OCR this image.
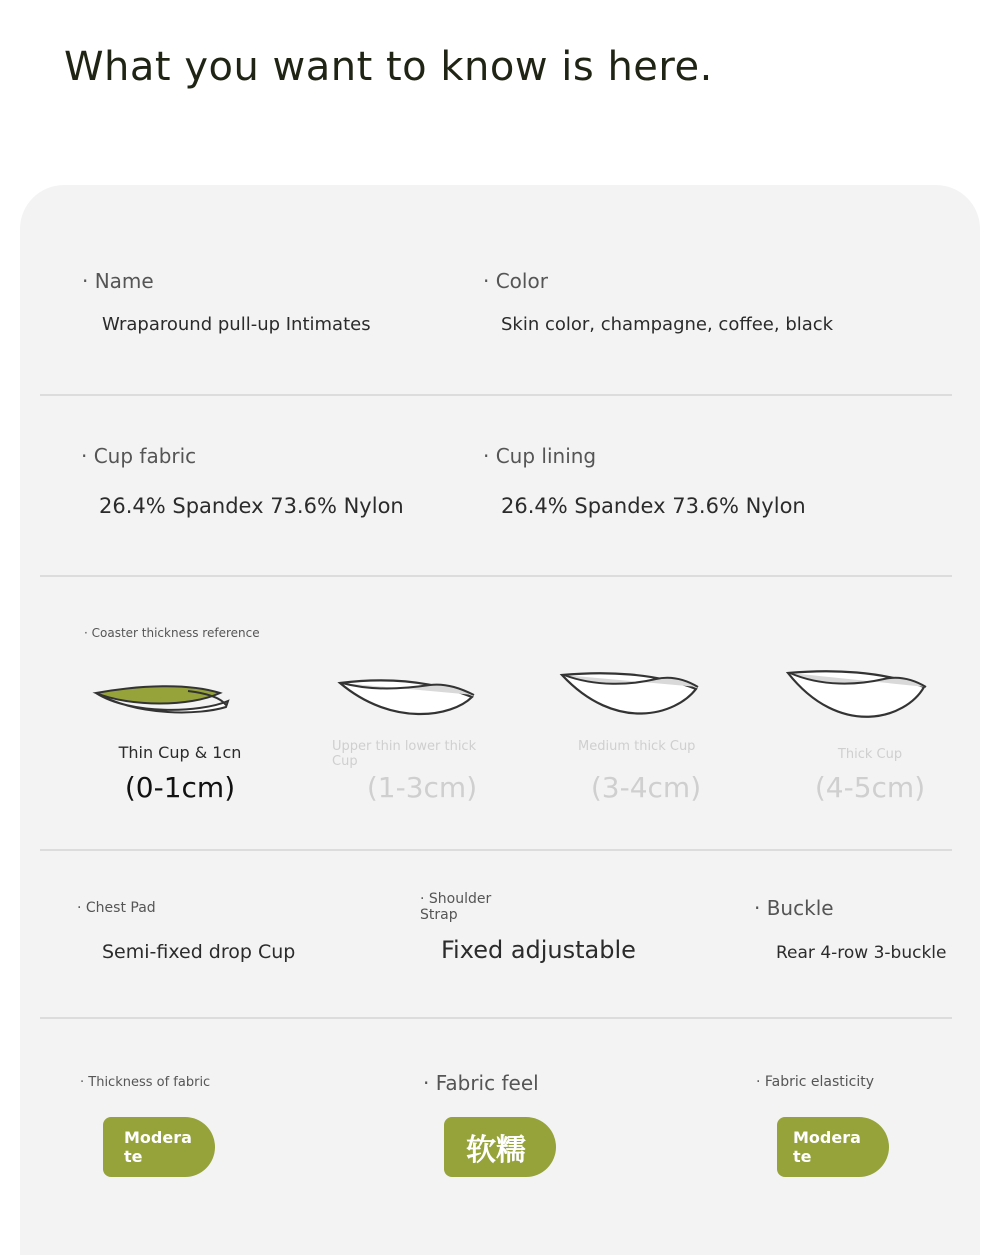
What you want to know is here.
· Name
Wraparound pull-up Intimates
· Color
Skin color, champagne, coffee, black
· Cup fabric
26.4% Spandex 73.6% Nylon
· Cup lining
26.4% Spandex 73.6% Nylon
· Coaster thickness reference
Thin Cup & 1cn
(0-1cm)
Upper thin lower thick Cup
(1-3cm)
Medium thick Cup
(3-4cm)
Thick Cup
(4-5cm)
· Chest Pad
Semi-fixed drop Cup
· Shoulder Strap
Fixed adjustable
· Buckle
Rear 4-row 3-buckle
· Thickness of fabric
Moderate
· Fabric feel
软糯
· Fabric elasticity
Moderate
